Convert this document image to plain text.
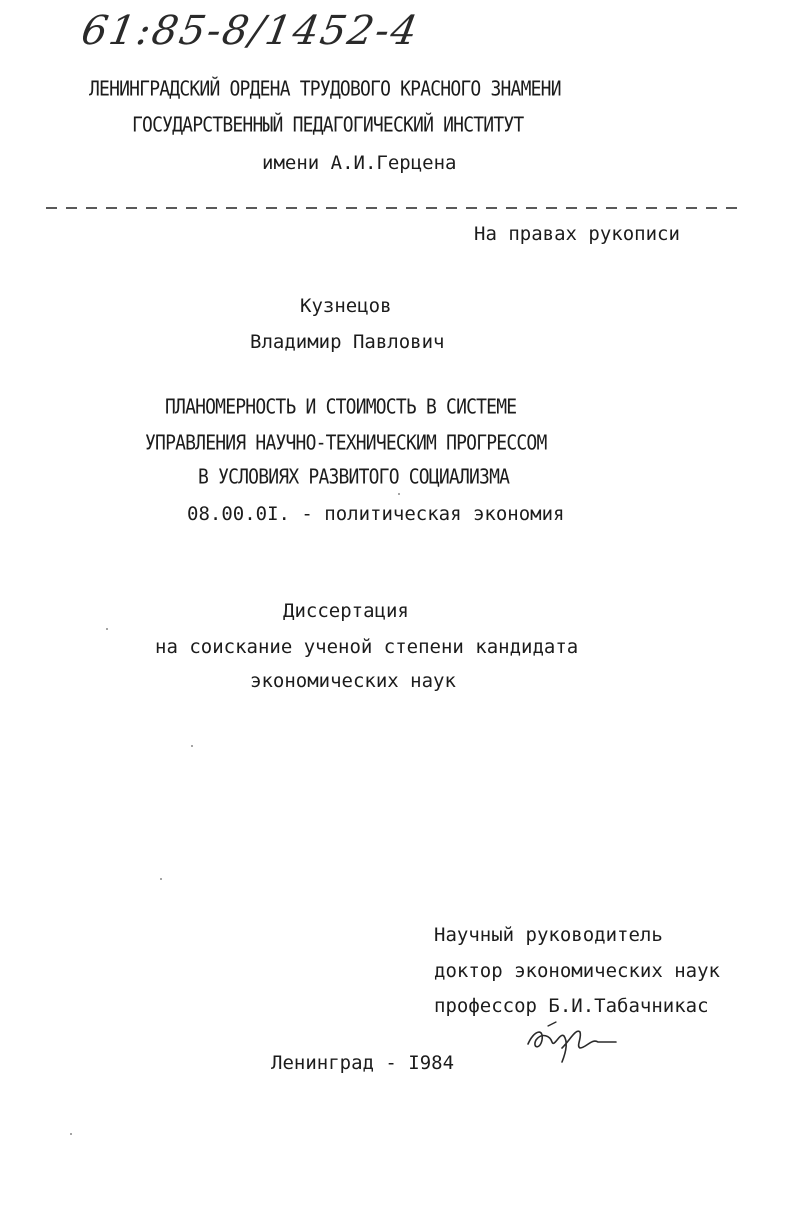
61:85-8/1452-4
ЛЕНИНГРАДСКИЙ ОРДЕНА ТРУДОВОГО КРАСНОГО ЗНАМЕНИ
ГОСУДАРСТВЕННЫЙ ПЕДАГОГИЧЕСКИЙ ИНСТИТУТ
имени А.И.Герцена
На правах рукописи
Кузнецов
Владимир Павлович
ПЛАНОМЕРНОСТЬ И СТОИМОСТЬ В СИСТЕМЕ
УПРАВЛЕНИЯ НАУЧНО-ТЕХНИЧЕСКИМ ПРОГРЕССОМ
В УСЛОВИЯХ РАЗВИТОГО СОЦИАЛИЗМА
08.00.0I. - политическая экономия
Диссертация
на соискание ученой степени кандидата
экономических наук
Научный руководитель
доктор экономических наук
профессор Б.И.Табачникас
Ленинград - I984
